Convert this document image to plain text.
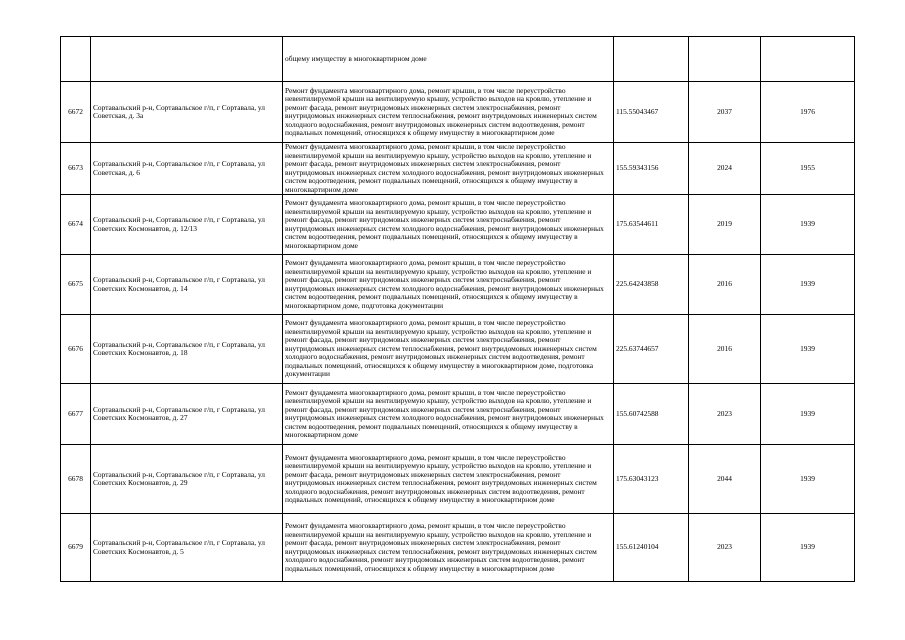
		общему имуществу в многоквартирном доме			
6672	Сортавальский р-н, Сортавальское г/п, г Сортавала, ул Советская, д. 3а	Ремонт фундамента многоквартирного дома, ремонт крыши, в том числе переустройство невентилируемой крыши на вентилируемую крышу, устройство выходов на кровлю, утепление и ремонт фасада, ремонт внутридомовых инженерных систем электроснабжения, ремонт внутридомовых инженерных систем теплоснабжения, ремонт внутридомовых инженерных систем холодного водоснабжения, ремонт внутридомовых инженерных систем водоотведения, ремонт подвальных помещений, относящихся к общему имуществу в многоквартирном доме	115.55043467	2037	1976
6673	Сортавальский р-н, Сортавальское г/п, г Сортавала, ул Советская, д. 6	Ремонт фундамента многоквартирного дома, ремонт крыши, в том числе переустройство невентилируемой крыши на вентилируемую крышу, устройство выходов на кровлю, утепление и ремонт фасада, ремонт внутридомовых инженерных систем электроснабжения, ремонт внутридомовых инженерных систем холодного водоснабжения, ремонт внутридомовых инженерных систем водоотведения, ремонт подвальных помещений, относящихся к общему имуществу в многоквартирном доме	155.59343156	2024	1955
6674	Сортавальский р-н, Сортавальское г/п, г Сортавала, ул Советских Космонавтов, д. 12/13	Ремонт фундамента многоквартирного дома, ремонт крыши, в том числе переустройство невентилируемой крыши на вентилируемую крышу, устройство выходов на кровлю, утепление и ремонт фасада, ремонт внутридомовых инженерных систем электроснабжения, ремонт внутридомовых инженерных систем холодного водоснабжения, ремонт внутридомовых инженерных систем водоотведения, ремонт подвальных помещений, относящихся к общему имуществу в многоквартирном доме	175.63544611	2019	1939
6675	Сортавальский р-н, Сортавальское г/п, г Сортавала, ул Советских Космонавтов, д. 14	Ремонт фундамента многоквартирного дома, ремонт крыши, в том числе переустройство невентилируемой крыши на вентилируемую крышу, устройство выходов на кровлю, утепление и ремонт фасада, ремонт внутридомовых инженерных систем электроснабжения, ремонт внутридомовых инженерных систем холодного водоснабжения, ремонт внутридомовых инженерных систем водоотведения, ремонт подвальных помещений, относящихся к общему имуществу в многоквартирном доме, подготовка документации	225.64243858	2016	1939
6676	Сортавальский р-н, Сортавальское г/п, г Сортавала, ул Советских Космонавтов, д. 18	Ремонт фундамента многоквартирного дома, ремонт крыши, в том числе переустройство невентилируемой крыши на вентилируемую крышу, устройство выходов на кровлю, утепление и ремонт фасада, ремонт внутридомовых инженерных систем электроснабжения, ремонт внутридомовых инженерных систем теплоснабжения, ремонт внутридомовых инженерных систем холодного водоснабжения, ремонт внутридомовых инженерных систем водоотведения, ремонт подвальных помещений, относящихся к общему имуществу в многоквартирном доме, подготовка документации	225.63744657	2016	1939
6677	Сортавальский р-н, Сортавальское г/п, г Сортавала, ул Советских Космонавтов, д. 27	Ремонт фундамента многоквартирного дома, ремонт крыши, в том числе переустройство невентилируемой крыши на вентилируемую крышу, устройство выходов на кровлю, утепление и ремонт фасада, ремонт внутридомовых инженерных систем электроснабжения, ремонт внутридомовых инженерных систем холодного водоснабжения, ремонт внутридомовых инженерных систем водоотведения, ремонт подвальных помещений, относящихся к общему имуществу в многоквартирном доме	155.60742588	2023	1939
6678	Сортавальский р-н, Сортавальское г/п, г Сортавала, ул Советских Космонавтов, д. 29	Ремонт фундамента многоквартирного дома, ремонт крыши, в том числе переустройство невентилируемой крыши на вентилируемую крышу, устройство выходов на кровлю, утепление и ремонт фасада, ремонт внутридомовых инженерных систем электроснабжения, ремонт внутридомовых инженерных систем теплоснабжения, ремонт внутридомовых инженерных систем холодного водоснабжения, ремонт внутридомовых инженерных систем водоотведения, ремонт подвальных помещений, относящихся к общему имуществу в многоквартирном доме	175.63043123	2044	1939
6679	Сортавальский р-н, Сортавальское г/п, г Сортавала, ул Советских Космонавтов, д. 5	Ремонт фундамента многоквартирного дома, ремонт крыши, в том числе переустройство невентилируемой крыши на вентилируемую крышу, устройство выходов на кровлю, утепление и ремонт фасада, ремонт внутридомовых инженерных систем электроснабжения, ремонт внутридомовых инженерных систем теплоснабжения, ремонт внутридомовых инженерных систем холодного водоснабжения, ремонт внутридомовых инженерных систем водоотведения, ремонт подвальных помещений, относящихся к общему имуществу в многоквартирном доме	155.61240104	2023	1939
